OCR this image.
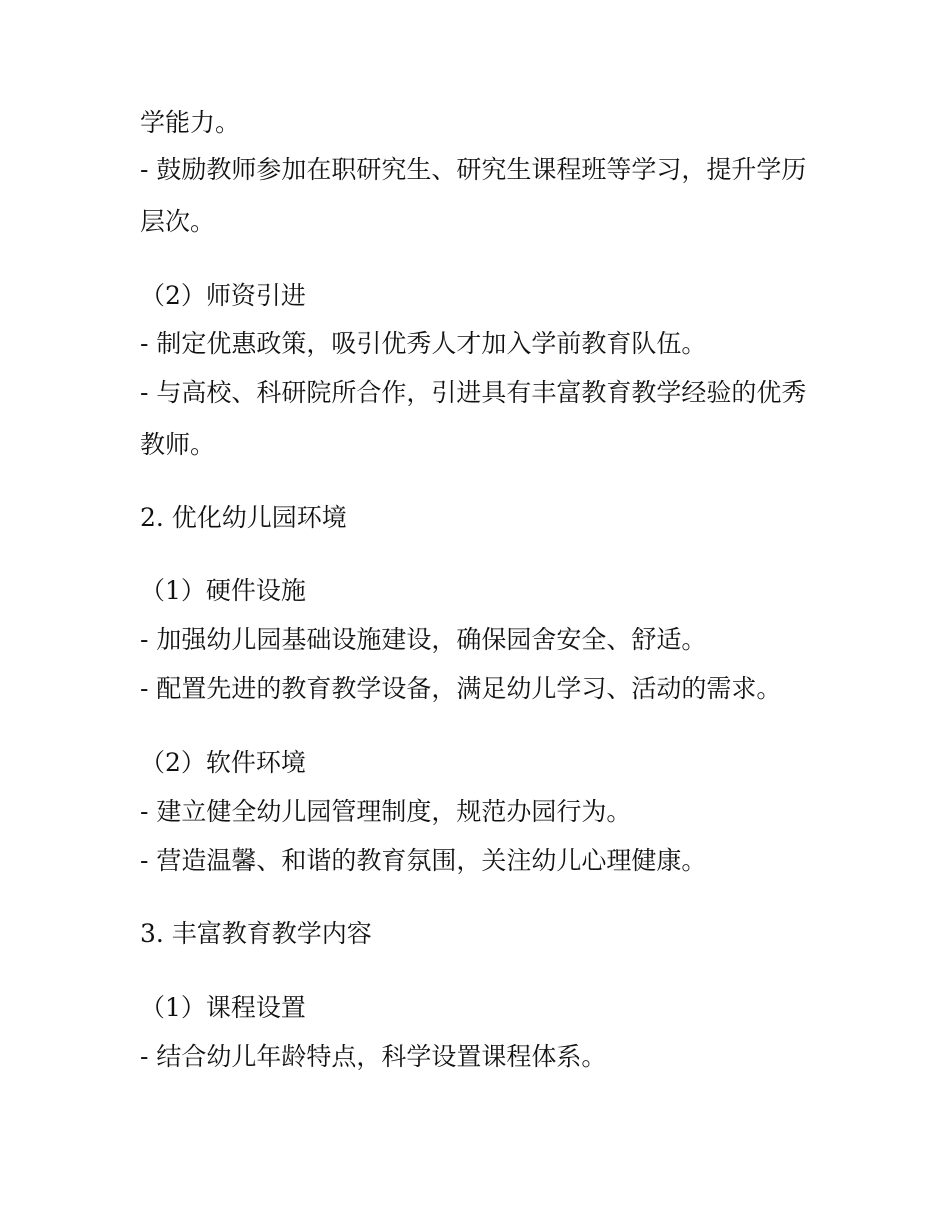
学能力。
- 鼓励教师参加在职研究生、研究生课程班等学习，提升学历
层次。
（2）师资引进
- 制定优惠政策，吸引优秀人才加入学前教育队伍。
- 与高校、科研院所合作，引进具有丰富教育教学经验的优秀
教师。
2. 优化幼儿园环境
（1）硬件设施
- 加强幼儿园基础设施建设，确保园舍安全、舒适。
- 配置先进的教育教学设备，满足幼儿学习、活动的需求。
（2）软件环境
- 建立健全幼儿园管理制度，规范办园行为。
- 营造温馨、和谐的教育氛围，关注幼儿心理健康。
3. 丰富教育教学内容
（1）课程设置
- 结合幼儿年龄特点，科学设置课程体系。
